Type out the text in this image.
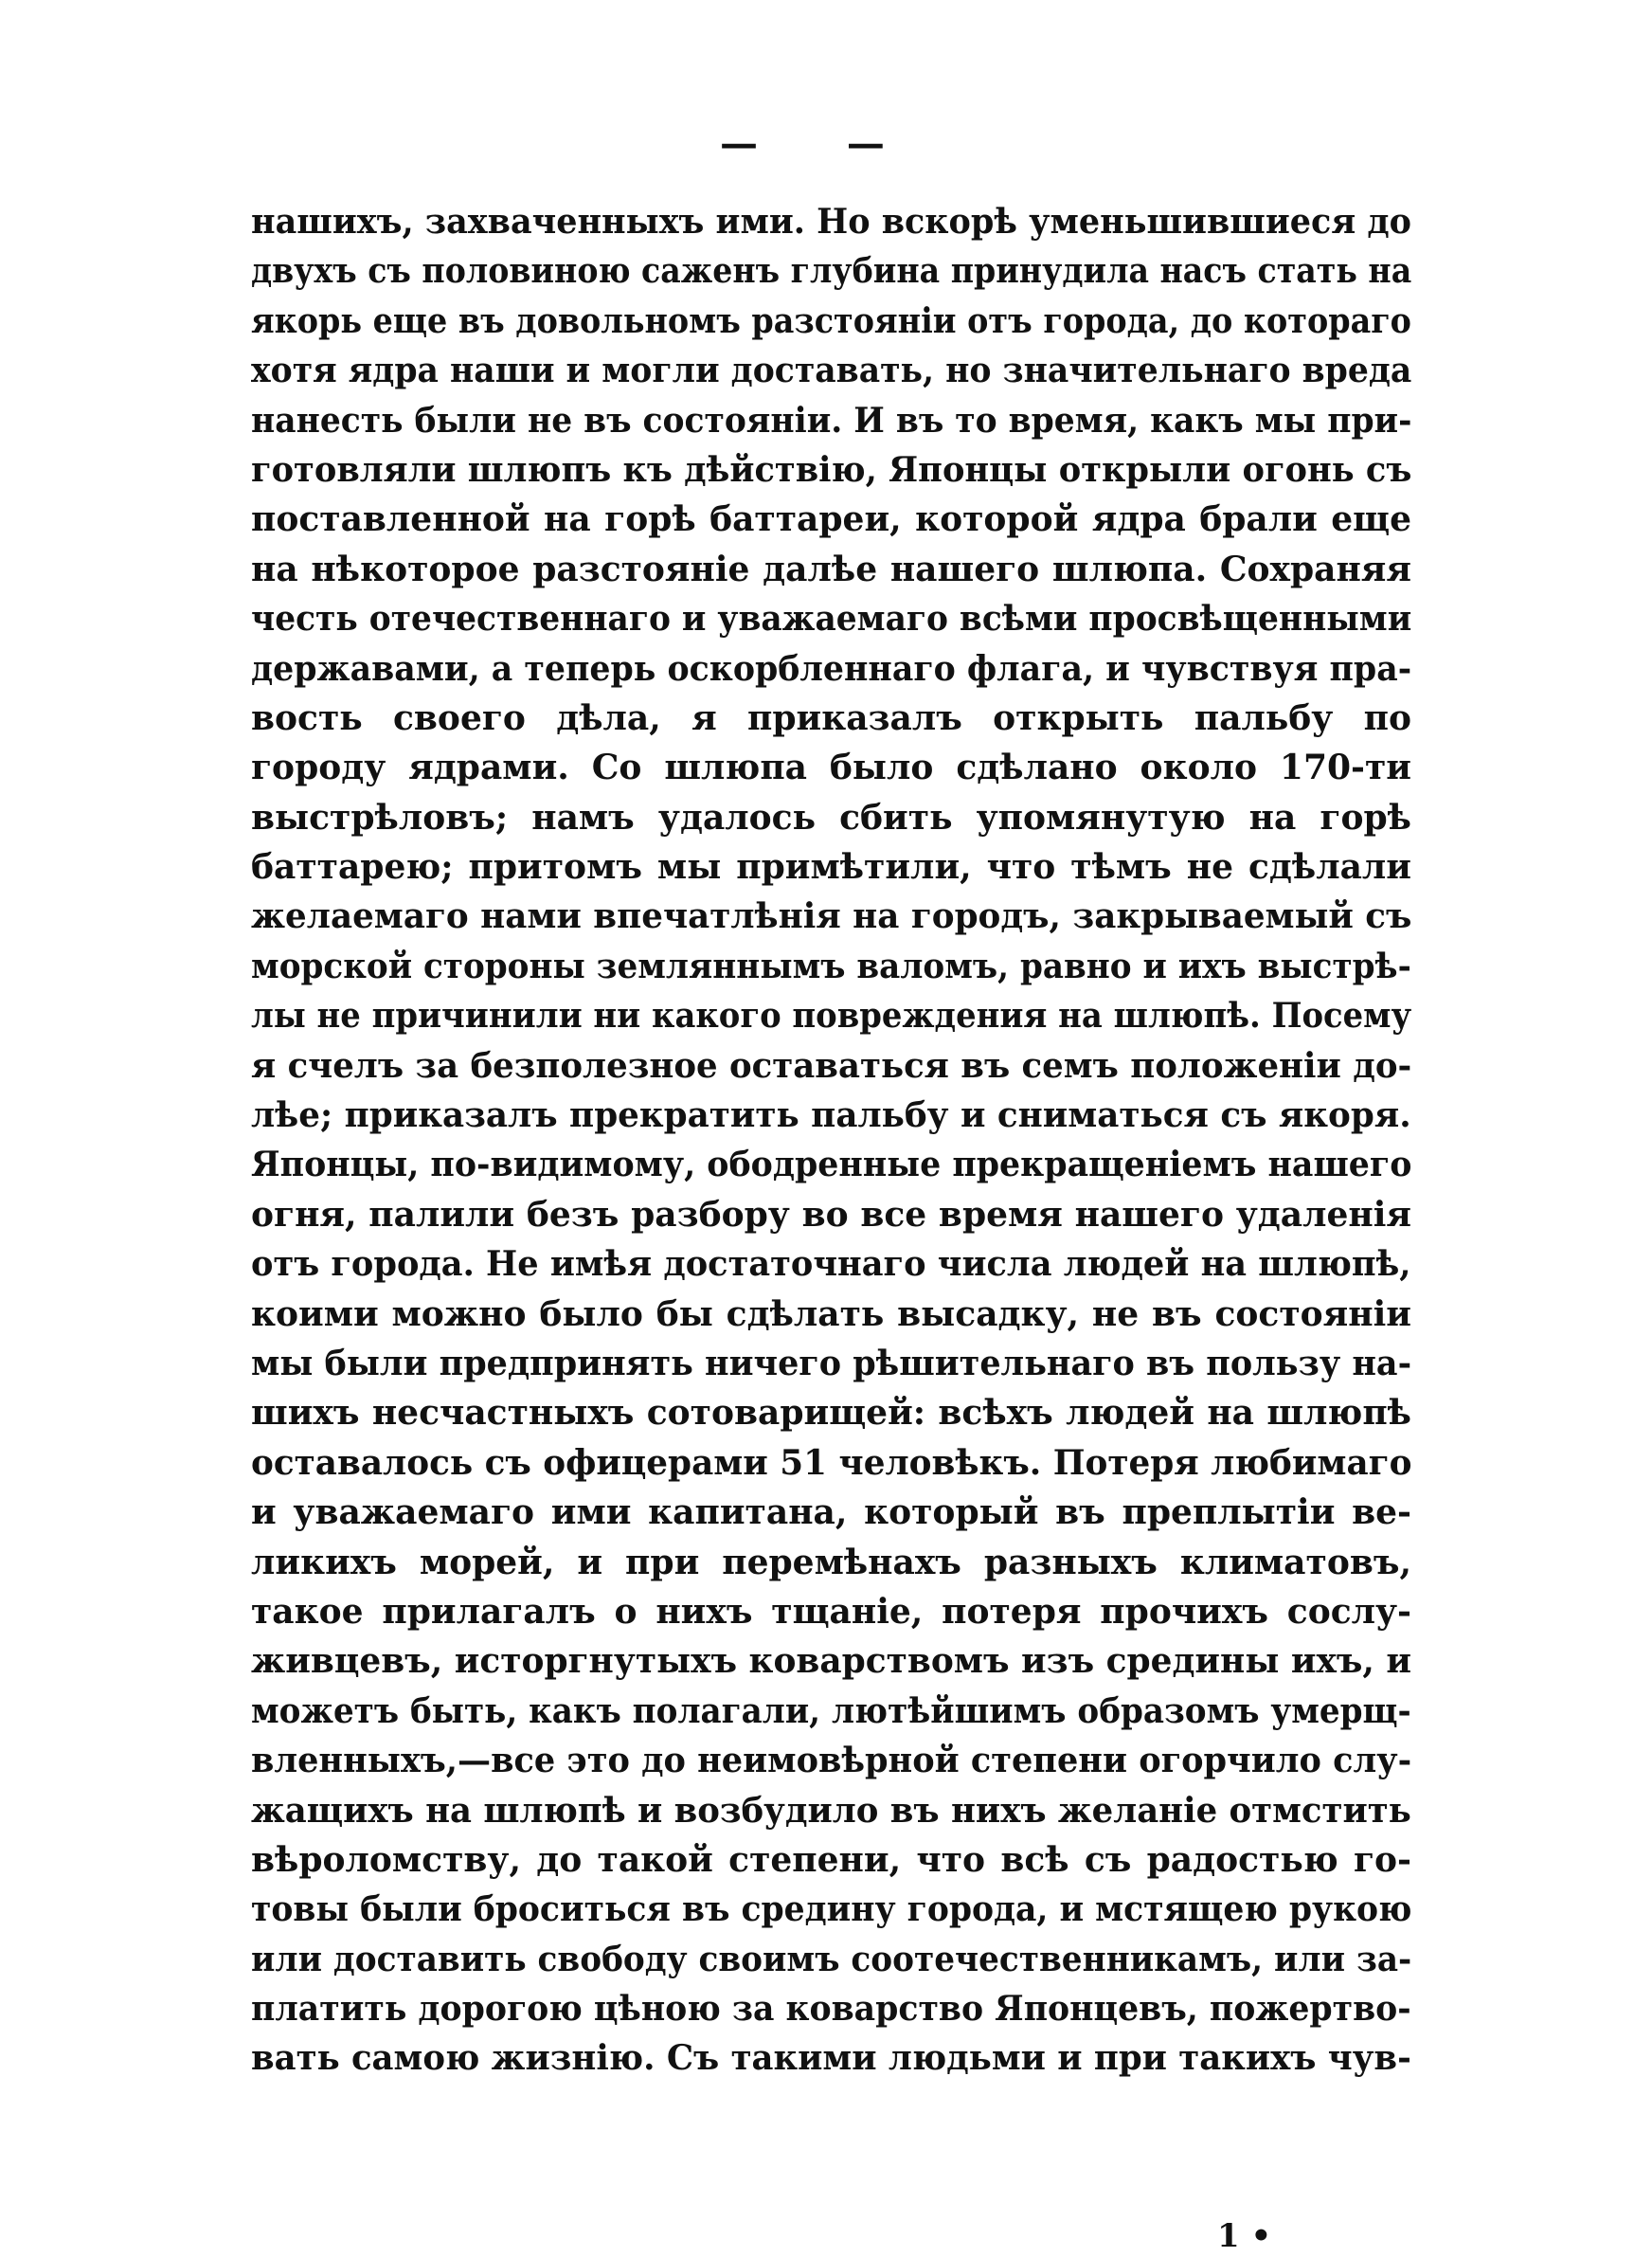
— —
нашихъ, захваченныхъ ими. Но вскорѣ уменьшившиеся до
двухъ съ половиною саженъ глубина принудила насъ стать на
якорь еще въ довольномъ разстояніи отъ города, до котораго
хотя ядра наши и могли доставать, но значительнаго вреда
нанесть были не въ состояніи. И въ то время, какъ мы при-
готовляли шлюпъ къ дѣйствію, Японцы открыли огонь съ
поставленной на горѣ баттареи, которой ядра брали еще
на нѣкоторое разстояніе далѣе нашего шлюпа. Сохраняя
честь отечественнаго и уважаемаго всѣми просвѣщенными
державами, а теперь оскорбленнаго флага, и чувствуя пра-
вость своего дѣла, я приказалъ открыть пальбу по
городу ядрами. Со шлюпа было сдѣлано около 170-ти
выстрѣловъ; намъ удалось сбить упомянутую на горѣ
баттарею; притомъ мы примѣтили, что тѣмъ не сдѣлали
желаемаго нами впечатлѣнія на городъ, закрываемый съ
морской стороны земляннымъ валомъ, равно и ихъ выстрѣ-
лы не причинили ни какого повреждения на шлюпѣ. Посему
я счелъ за безполезное оставаться въ семъ положеніи до-
лѣе; приказалъ прекратить пальбу и сниматься съ якоря.
Японцы, по-видимому, ободренные прекращеніемъ нашего
огня, палили безъ разбору во все время нашего удаленія
отъ города. Не имѣя достаточнаго числа людей на шлюпѣ,
коими можно было бы сдѣлать высадку, не въ состояніи
мы были предпринять ничего рѣшительнаго въ пользу на-
шихъ несчастныхъ сотоварищей: всѣхъ людей на шлюпѣ
оставалось съ офицерами 51 человѣкъ. Потеря любимаго
и уважаемаго ими капитана, который въ преплытіи ве-
ликихъ морей, и при перемѣнахъ разныхъ климатовъ,
такое прилагалъ о нихъ тщаніе, потеря прочихъ сослу-
живцевъ, исторгнутыхъ коварствомъ изъ средины ихъ, и
можетъ быть, какъ полагали, лютѣйшимъ образомъ умерщ-
вленныхъ,—все это до неимовѣрной степени огорчило слу-
жащихъ на шлюпѣ и возбудило въ нихъ желаніе отмстить
вѣроломству, до такой степени, что всѣ съ радостью го-
товы были броситься въ средину города, и мстящею рукою
или доставить свободу своимъ соотечественникамъ, или за-
платить дорогою цѣною за коварство Японцевъ, пожертво-
вать самою жизнію. Съ такими людьми и при такихъ чув-
1 •
